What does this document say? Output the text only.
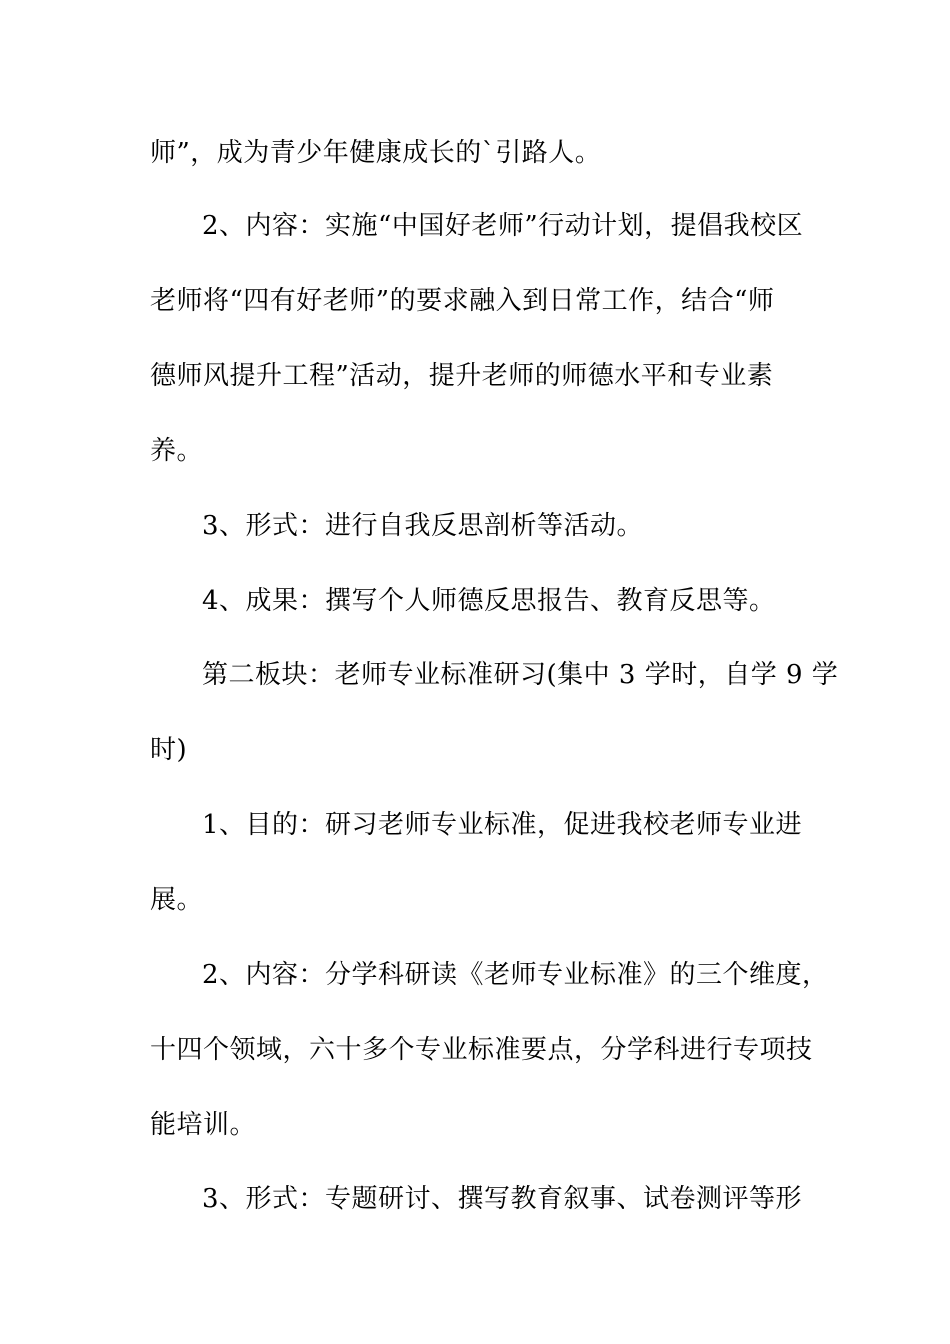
师”，成为青少年健康成长的`引路人。
2、内容：实施“中国好老师”行动计划，提倡我校区
老师将“四有好老师”的要求融入到日常工作，结合“师
德师风提升工程”活动，提升老师的师德水平和专业素
养。
3、形式：进行自我反思剖析等活动。
4、成果：撰写个人师德反思报告、教育反思等。
第二板块：老师专业标准研习(集中 3 学时，自学 9 学
时)
1、目的：研习老师专业标准，促进我校老师专业进
展。
2、内容：分学科研读《老师专业标准》的三个维度，
十四个领域，六十多个专业标准要点，分学科进行专项技
能培训。
3、形式：专题研讨、撰写教育叙事、试卷测评等形
